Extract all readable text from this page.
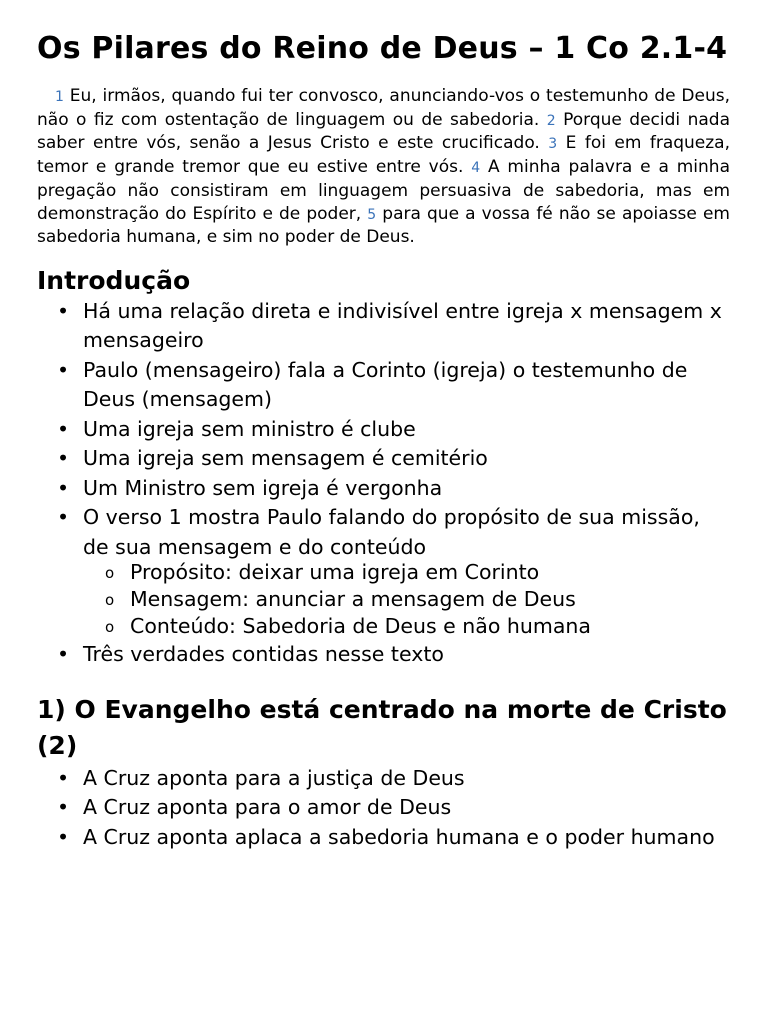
Os Pilares do Reino de Deus – 1 Co 2.1-4

1 Eu, irmãos, quando fui ter convosco, anunciando-vos o testemunho de Deus, não o fiz com ostentação de linguagem ou de sabedoria. 2 Porque decidi nada saber entre vós, senão a Jesus Cristo e este crucificado. 3 E foi em fraqueza, temor e grande tremor que eu estive entre vós. 4 A minha palavra e a minha pregação não consistiram em linguagem persuasiva de sabedoria, mas em demonstração do Espírito e de poder, 5 para que a vossa fé não se apoiasse em sabedoria humana, e sim no poder de Deus.

Introdução
• Há uma relação direta e indivisível entre igreja x mensagem x mensageiro
• Paulo (mensageiro) fala a Corinto (igreja) o testemunho de Deus (mensagem)
• Uma igreja sem ministro é clube
• Uma igreja sem mensagem é cemitério
• Um Ministro sem igreja é vergonha
• O verso 1 mostra Paulo falando do propósito de sua missão, de sua mensagem e do conteúdo
o Propósito: deixar uma igreja em Corinto
o Mensagem: anunciar a mensagem de Deus
o Conteúdo: Sabedoria de Deus e não humana
• Três verdades contidas nesse texto
1) O Evangelho está centrado na morte de Cristo (2)
• A Cruz aponta para a justiça de Deus
• A Cruz aponta para o amor de Deus
• A Cruz aponta aplaca a sabedoria humana e o poder humano
